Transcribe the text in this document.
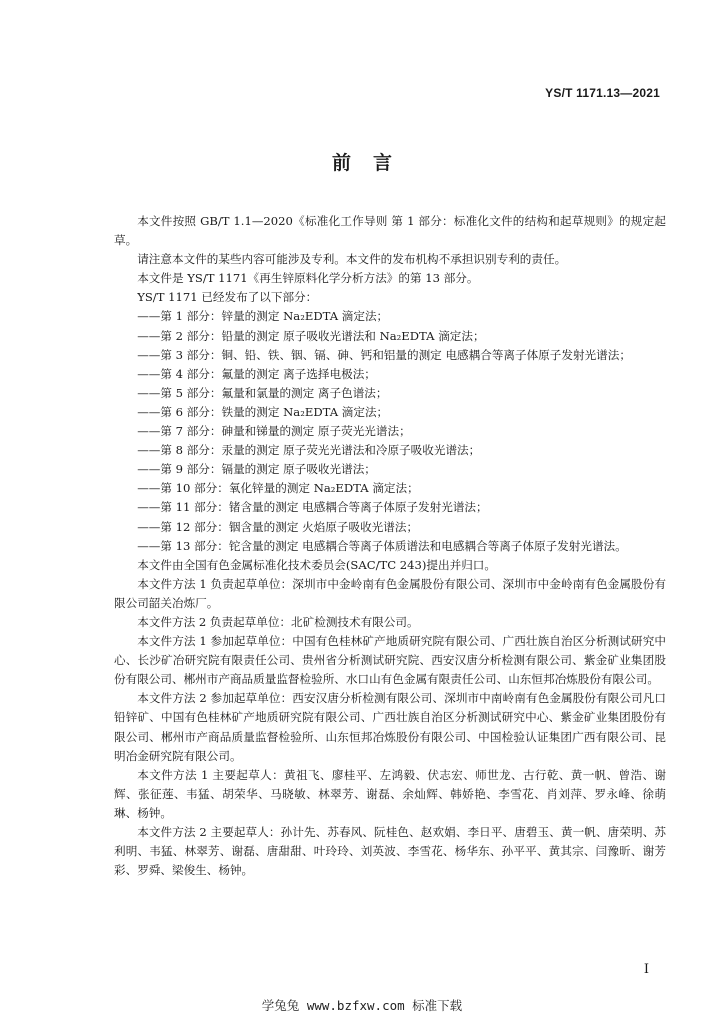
YS/T 1171.13—2021
前言

本文件按照 GB/T 1.1—2020《标准化工作导则 第 1 部分：标准化文件的结构和起草规则》的规定起草。

请注意本文件的某些内容可能涉及专利。本文件的发布机构不承担识别专利的责任。

本文件是 YS/T 1171《再生锌原料化学分析方法》的第 13 部分。

YS/T 1171 已经发布了以下部分：

——第 1 部分：锌量的测定 Na₂EDTA 滴定法；

——第 2 部分：铅量的测定 原子吸收光谱法和 Na₂EDTA 滴定法；

——第 3 部分：铜、铅、铁、铟、镉、砷、钙和铝量的测定 电感耦合等离子体原子发射光谱法；

——第 4 部分：氟量的测定 离子选择电极法；

——第 5 部分：氟量和氯量的测定 离子色谱法；

——第 6 部分：铁量的测定 Na₂EDTA 滴定法；

——第 7 部分：砷量和锑量的测定 原子荧光光谱法；

——第 8 部分：汞量的测定 原子荧光光谱法和冷原子吸收光谱法；

——第 9 部分：镉量的测定 原子吸收光谱法；

——第 10 部分：氧化锌量的测定 Na₂EDTA 滴定法；

——第 11 部分：锗含量的测定 电感耦合等离子体原子发射光谱法；

——第 12 部分：铟含量的测定 火焰原子吸收光谱法；

——第 13 部分：铊含量的测定 电感耦合等离子体质谱法和电感耦合等离子体原子发射光谱法。

本文件由全国有色金属标准化技术委员会(SAC/TC 243)提出并归口。

本文件方法 1 负责起草单位：深圳市中金岭南有色金属股份有限公司、深圳市中金岭南有色金属股份有限公司韶关冶炼厂。

本文件方法 2 负责起草单位：北矿检测技术有限公司。

本文件方法 1 参加起草单位：中国有色桂林矿产地质研究院有限公司、广西壮族自治区分析测试研究中心、长沙矿冶研究院有限责任公司、贵州省分析测试研究院、西安汉唐分析检测有限公司、紫金矿业集团股份有限公司、郴州市产商品质量监督检验所、水口山有色金属有限责任公司、山东恒邦冶炼股份有限公司。

本文件方法 2 参加起草单位：西安汉唐分析检测有限公司、深圳市中南岭南有色金属股份有限公司凡口铅锌矿、中国有色桂林矿产地质研究院有限公司、广西壮族自治区分析测试研究中心、紫金矿业集团股份有限公司、郴州市产商品质量监督检验所、山东恒邦冶炼股份有限公司、中国检验认证集团广西有限公司、昆明冶金研究院有限公司。

本文件方法 1 主要起草人：黄祖飞、廖桂平、左鸿毅、伏志宏、师世龙、古行乾、黄一帆、曾浩、谢辉、张征莲、韦猛、胡荣华、马晓敏、林翠芳、谢磊、余灿辉、韩娇艳、李雪花、肖刘萍、罗永峰、徐萌琳、杨钟。

本文件方法 2 主要起草人：孙计先、苏春风、阮桂色、赵欢娟、李日平、唐碧玉、黄一帆、唐荣明、苏利明、韦猛、林翠芳、谢磊、唐甜甜、叶玲玲、刘英波、李雪花、杨华东、孙平平、黄其宗、闫豫昕、谢芳彩、罗舜、梁俊生、杨钟。

I
学兔兔 www.bzfxw.com 标准下载
